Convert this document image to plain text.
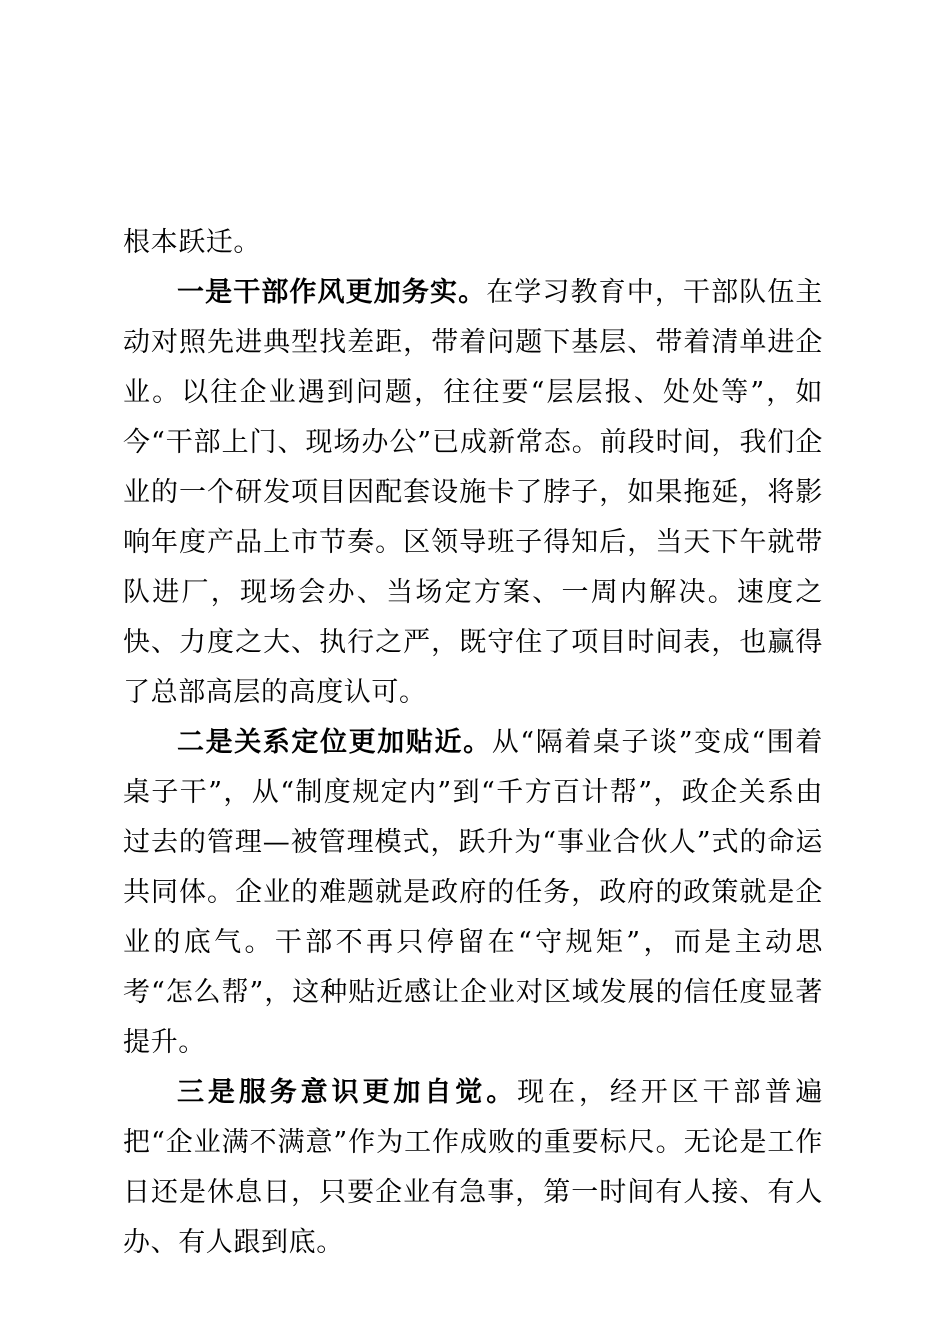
根本跃迁。

一是干部作风更加务实。在学习教育中，干部队伍主动对照先进典型找差距，带着问题下基层、带着清单进企业。以往企业遇到问题，往往要“层层报、处处等”，如今“干部上门、现场办公”已成新常态。前段时间，我们企业的一个研发项目因配套设施卡了脖子，如果拖延，将影响年度产品上市节奏。区领导班子得知后，当天下午就带队进厂，现场会办、当场定方案、一周内解决。速度之快、力度之大、执行之严，既守住了项目时间表，也赢得了总部高层的高度认可。

二是关系定位更加贴近。从“隔着桌子谈”变成“围着桌子干”，从“制度规定内”到“千方百计帮”，政企关系由过去的管理—被管理模式，跃升为“事业合伙人”式的命运共同体。企业的难题就是政府的任务，政府的政策就是企业的底气。干部不再只停留在“守规矩”，而是主动思考“怎么帮”，这种贴近感让企业对区域发展的信任度显著提升。

三是服务意识更加自觉。现在，经开区干部普遍把“企业满不满意”作为工作成败的重要标尺。无论是工作日还是休息日，只要企业有急事，第一时间有人接、有人办、有人跟到底。
